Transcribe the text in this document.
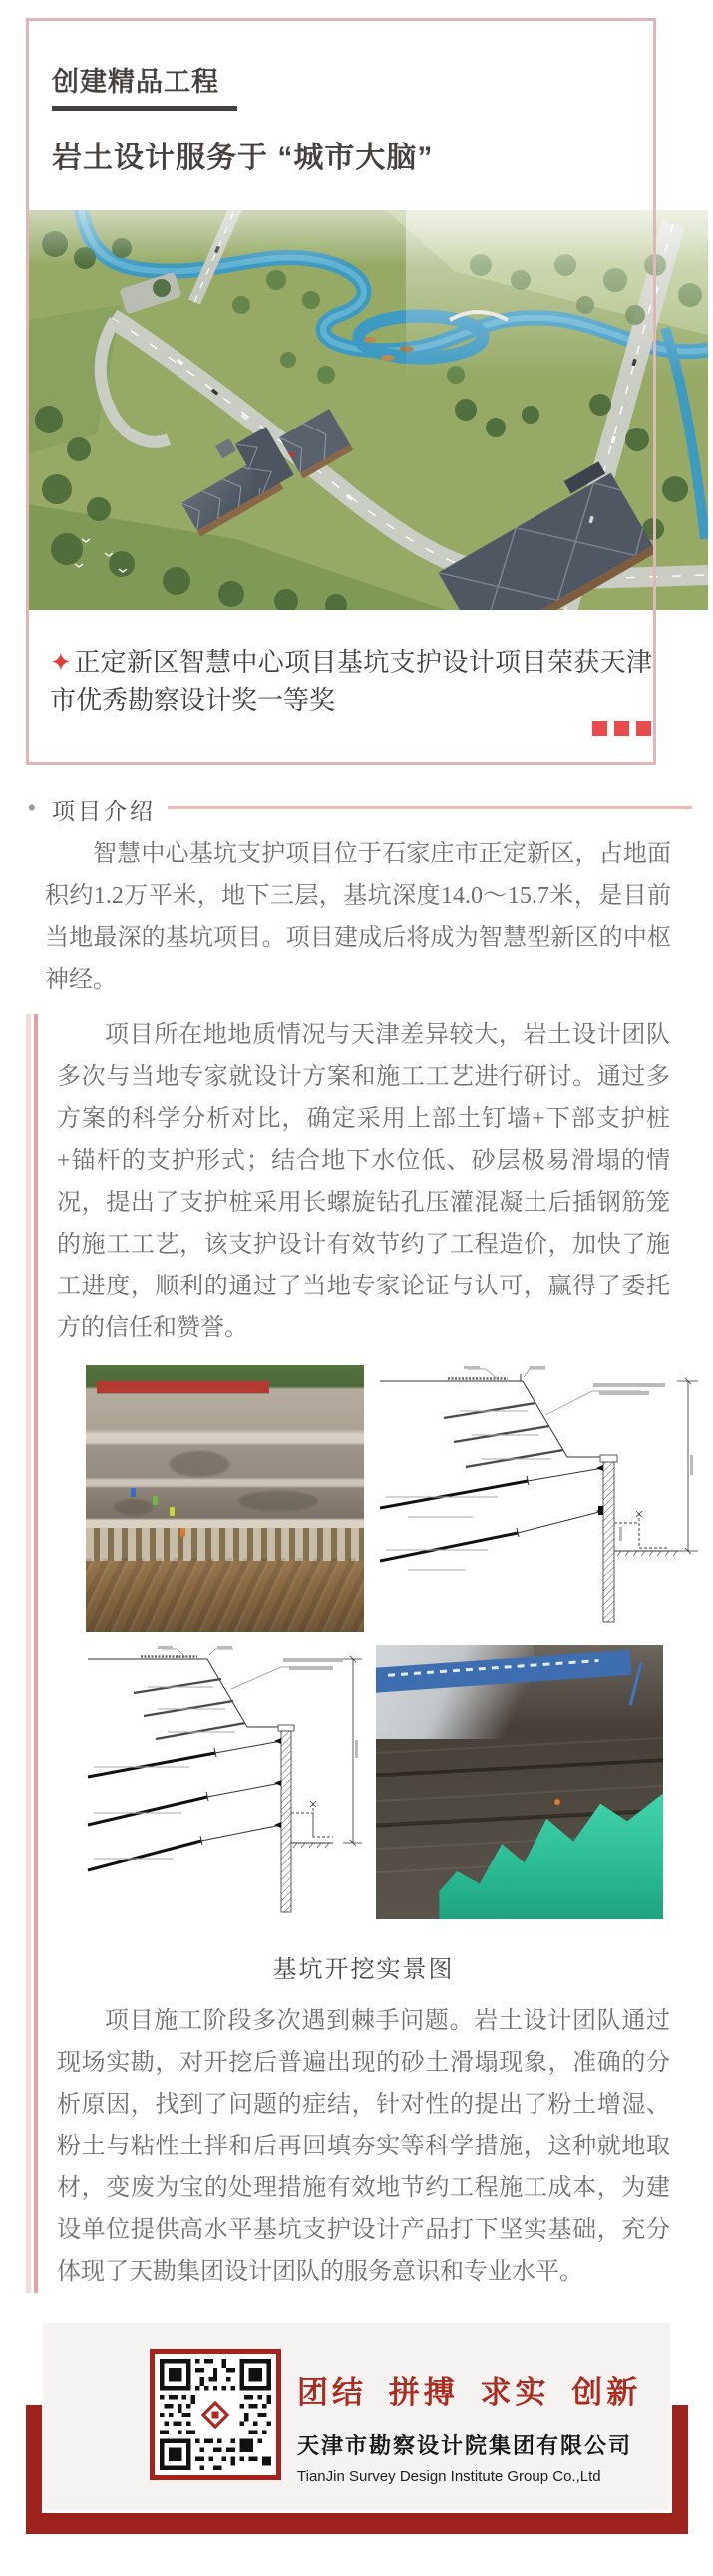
创建精品工程
岩土设计服务于 “城市大脑”
✦正定新区智慧中心项目基坑支护设计项目荣获天津市优秀勘察设计奖一等奖
• 项目介绍

智慧中心基坑支护项目位于石家庄市正定新区，占地面积约1.2万平米，地下三层，基坑深度14.0～15.7米，是目前当地最深的基坑项目。项目建成后将成为智慧型新区的中枢神经。

项目所在地地质情况与天津差异较大，岩土设计团队多次与当地专家就设计方案和施工工艺进行研讨。通过多方案的科学分析对比，确定采用上部土钉墙+下部支护桩+锚杆的支护形式；结合地下水位低、砂层极易滑塌的情况，提出了支护桩采用长螺旋钻孔压灌混凝土后插钢筋笼的施工工艺，该支护设计有效节约了工程造价，加快了施工进度，顺利的通过了当地专家论证与认可，赢得了委托方的信任和赞誉。

基坑开挖实景图

项目施工阶段多次遇到棘手问题。岩土设计团队通过现场实勘，对开挖后普遍出现的砂土滑塌现象，准确的分析原因，找到了问题的症结，针对性的提出了粉土增湿、粉土与粘性土拌和后再回填夯实等科学措施，这种就地取材，变废为宝的处理措施有效地节约工程施工成本，为建设单位提供高水平基坑支护设计产品打下坚实基础，充分体现了天勘集团设计团队的服务意识和专业水平。

团结 拼搏 求实 创新
天津市勘察设计院集团有限公司
TianJin Survey Design Institute Group Co.,Ltd
